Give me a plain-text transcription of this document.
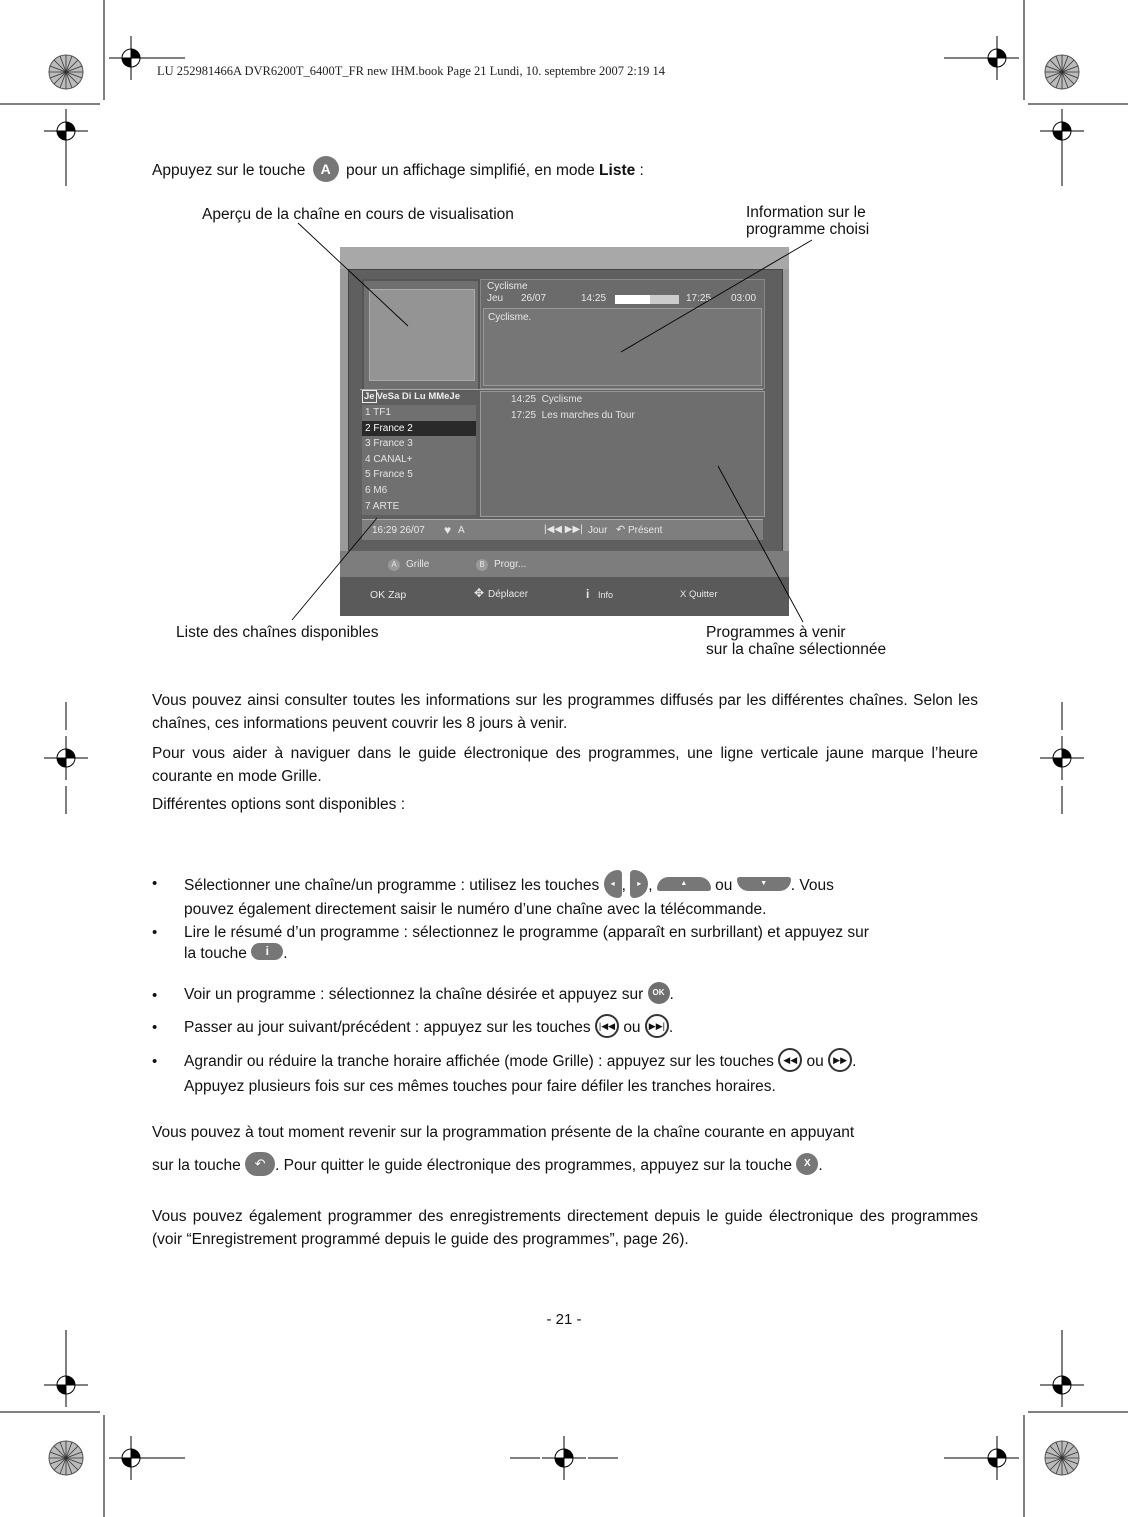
LU 252981466A DVR6200T_6400T_FR new IHM.book Page 21 Lundi, 10. septembre 2007 2:19 14
Appuyez sur le touche A pour un affichage simplifié, en mode Liste :
Aperçu de la chaîne en cours de visualisation	Information sur le
programme choisi
Liste des chaînes disponibles	Programmes à venir
sur la chaîne sélectionnée
Cyclisme
Jeu 26/07	14:25	17:25 03:00
Cyclisme.
Je VeSa Di Lu MMeJe
1 TF1
2 France 2
3 France 3
4 CANAL+
5 France 5
6 M6
7 ARTE
14:25  Cyclisme
17:25  Les marches du Tour
16:29 26/07 ♥ A	|◀◀ ▶▶| Jour ↶ Présent
A Grille	B Progr...
OK Zap	✥ Déplacer	i Info	X Quitter
Vous pouvez ainsi consulter toutes les informations sur les programmes diffusés par les différentes chaînes. Selon les chaînes, ces informations peuvent couvrir les 8 jours à venir.
Pour vous aider à naviguer dans le guide électronique des programmes, une ligne verticale jaune marque l’heure courante en mode Grille.
Différentes options sont disponibles :
• Sélectionner une chaîne/un programme : utilisez les touches ◂ , ▸ ,	▲ ou	▼ . Vous
pouvez également directement saisir le numéro d’une chaîne avec la télécommande.
• Lire le résumé d’un programme : sélectionnez le programme (apparaît en surbrillant) et appuyez sur
la touche i .
• Voir un programme : sélectionnez la chaîne désirée et appuyez sur OK .
• Passer au jour suivant/précédent : appuyez sur les touches |◀◀ ou ▶▶| .
• Agrandir ou réduire la tranche horaire affichée (mode Grille) : appuyez sur les touches ◀◀ ou ▶▶ .
Appuyez plusieurs fois sur ces mêmes touches pour faire défiler les tranches horaires.
Vous pouvez à tout moment revenir sur la programmation présente de la chaîne courante en appuyant
sur la touche ↶ . Pour quitter le guide électronique des programmes, appuyez sur la touche X .
Vous pouvez également programmer des enregistrements directement depuis le guide électronique des programmes (voir “Enregistrement programmé depuis le guide des programmes”, page 26).
- 21 -
